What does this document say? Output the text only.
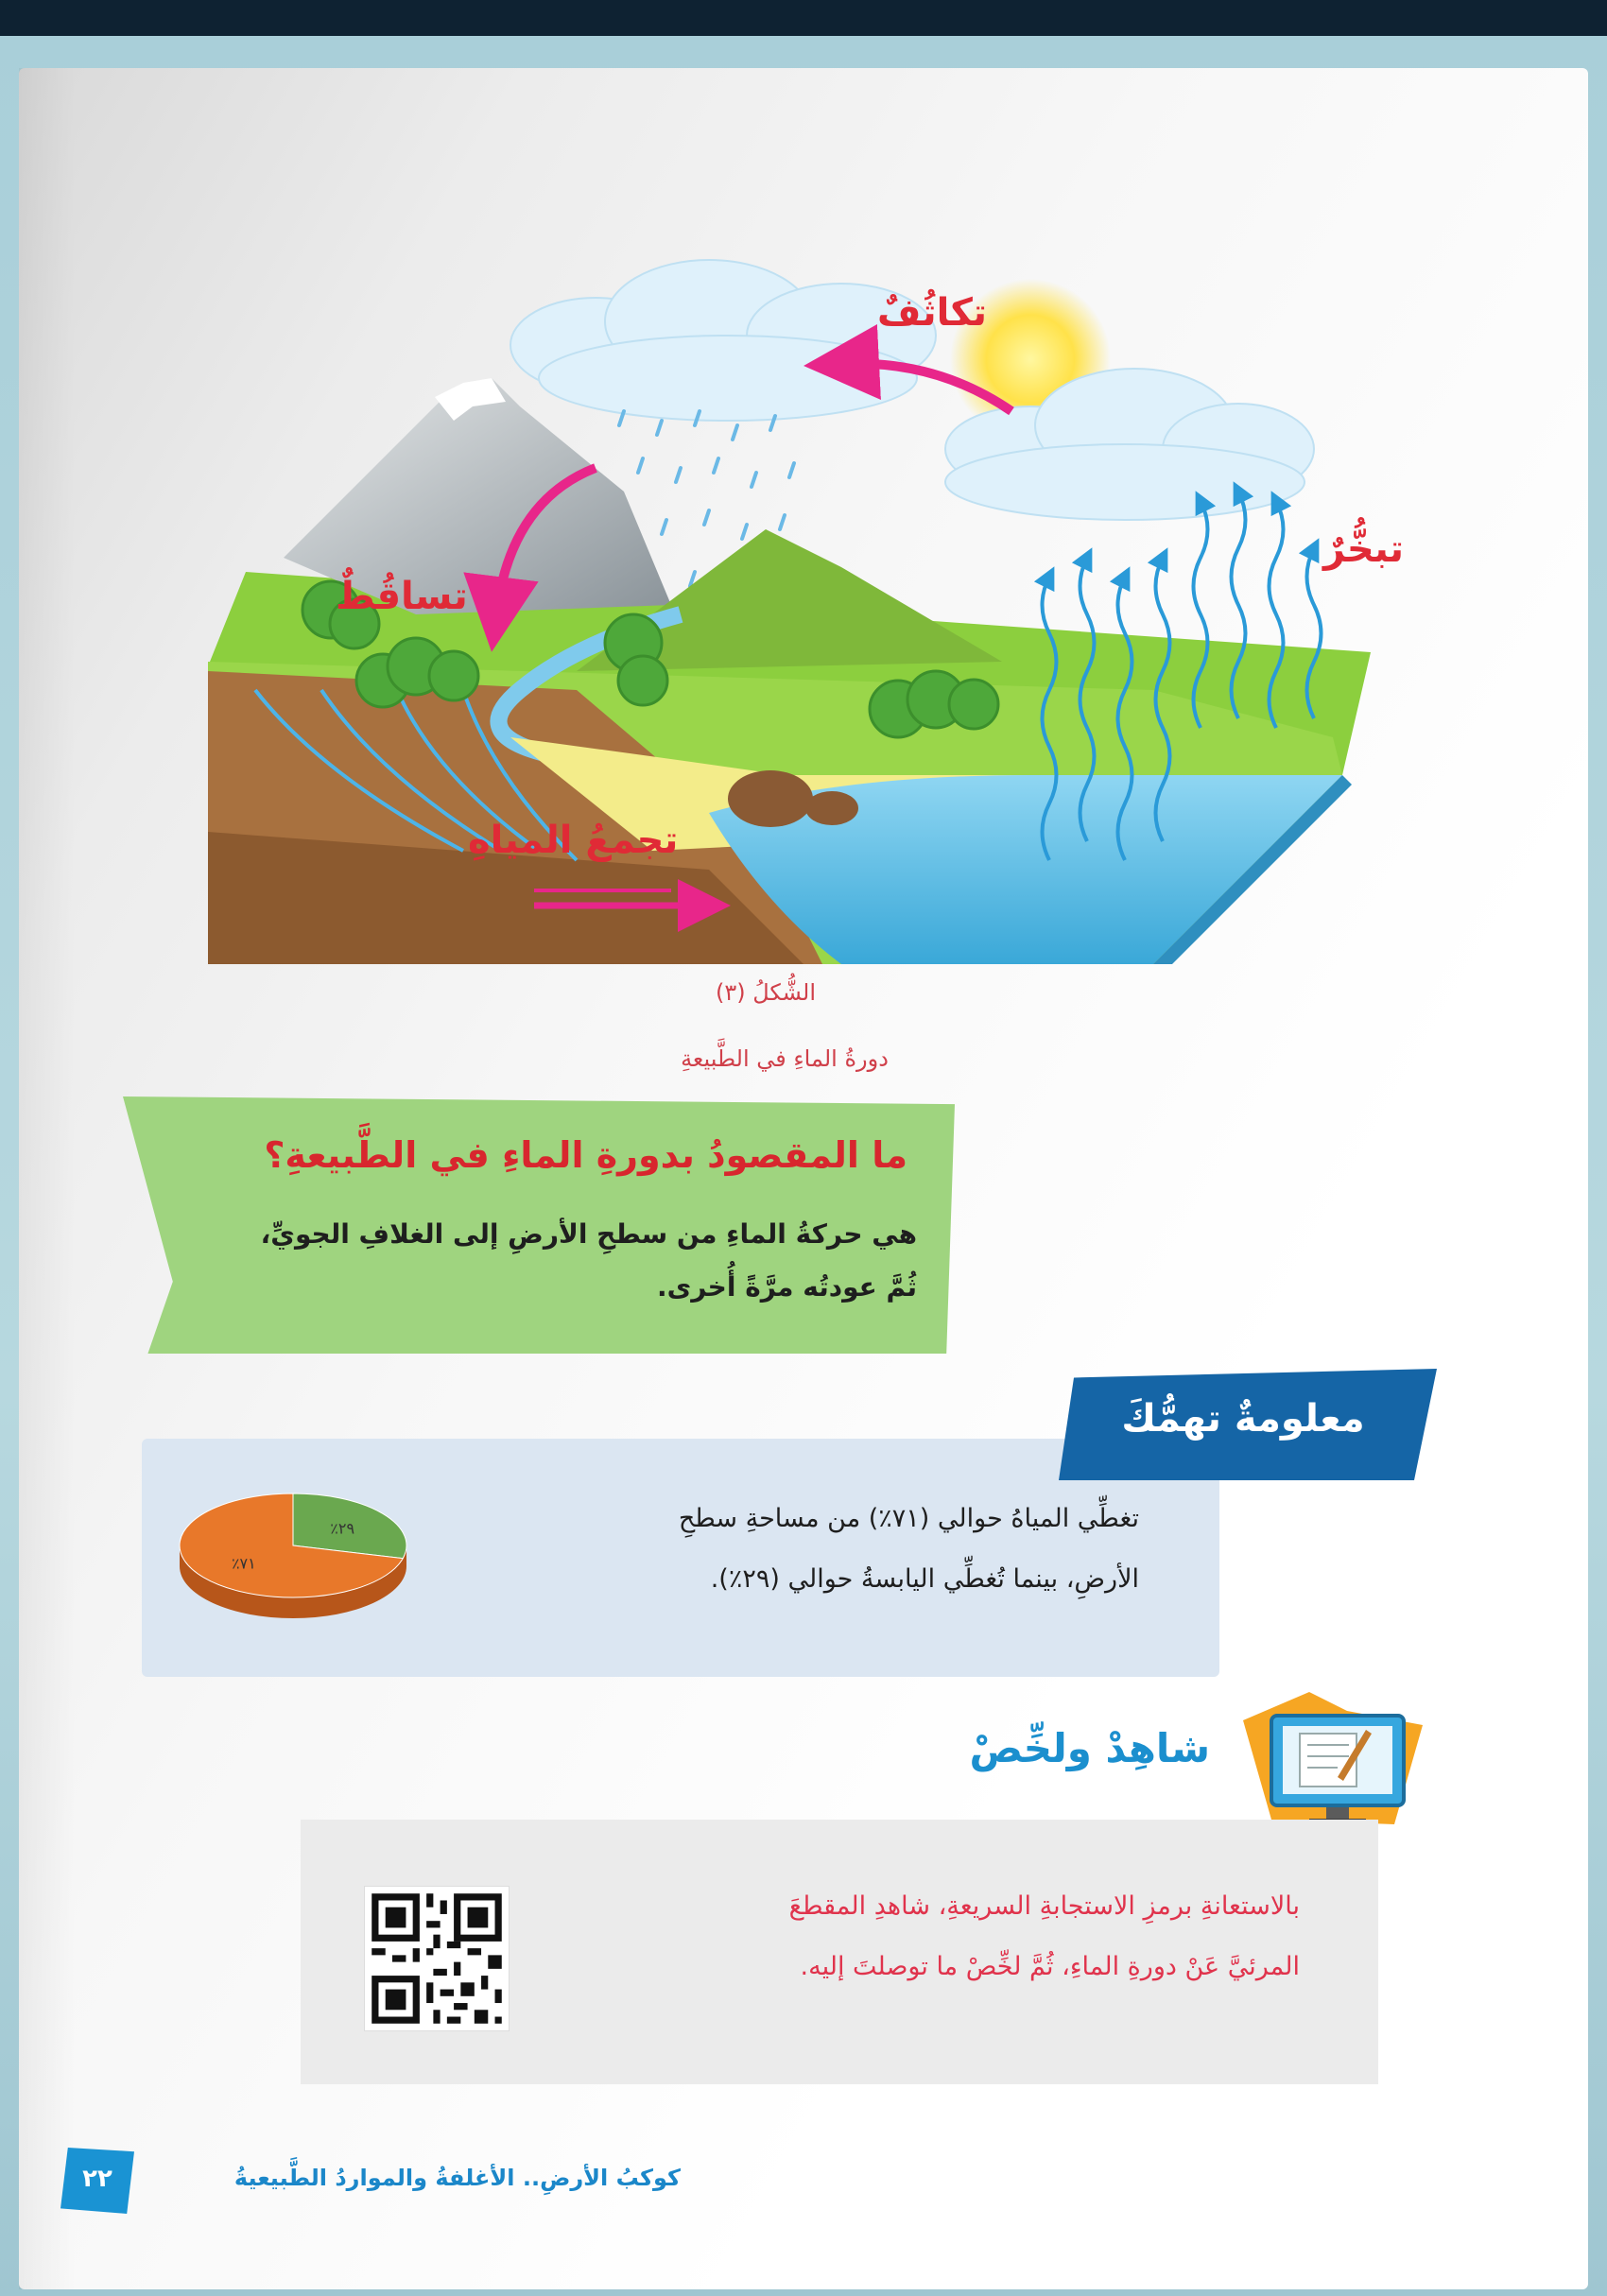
تكاثُفٌ
تبخُّرٌ
تساقُطٌ
تجمعُ المياهِ
الشُّكلُ (٣)
دورةُ الماءِ في الطَّبيعةِ
ما المقصودُ بدورةِ الماءِ في الطَّبيعةِ؟
هي حركةُ الماءِ من سطحِ الأرضِ إلى الغلافِ الجويِّ،
ثُمَّ عودتُه مرَّةً أُخرى.
معلومةٌ تهمُّكَ
تغطِّي المياهُ حوالي (٧١٪) من مساحةِ سطحِ
الأرضِ، بينما تُغطِّي اليابسةُ حوالي (٢٩٪).
٢٩٪
٧١٪
شاهِدْ ولخِّصْ
بالاستعانةِ برمزِ الاستجابةِ السريعةِ، شاهدِ المقطعَ
المرئيَّ عَنْ دورةِ الماءِ، ثُمَّ لخِّصْ ما توصلتَ إليه.
كوكبُ الأرضِ.. الأغلفةُ والمواردُ الطَّبيعيةُ
٢٢
